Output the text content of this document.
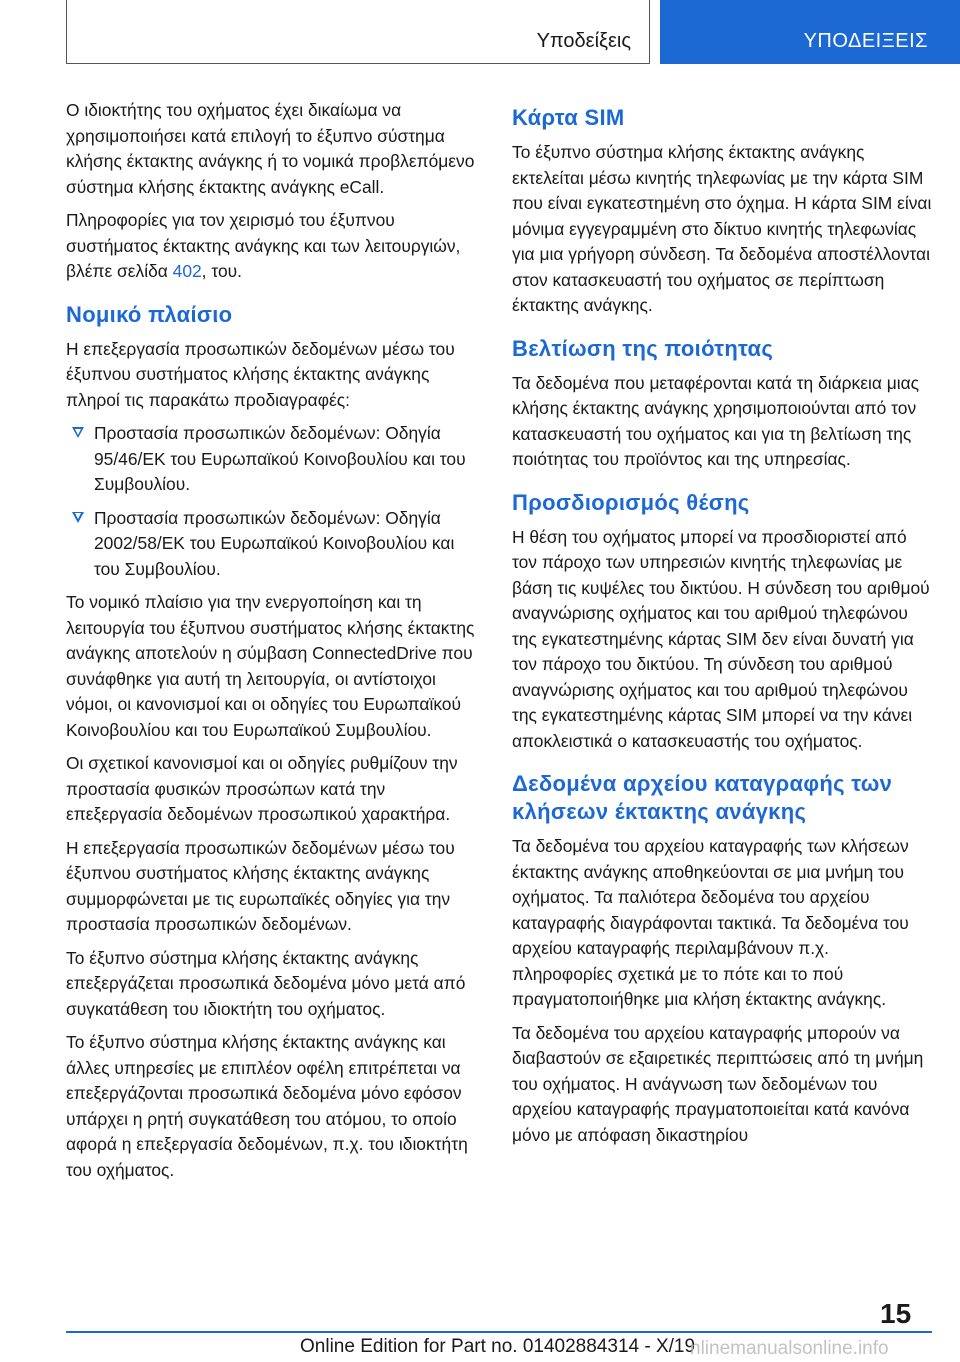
Υποδείξεις	ΥΠΟΔΕΙΞΕΙΣ

Ο ιδιοκτήτης του οχήματος έχει δικαίωμα να χρησιμοποιήσει κατά επιλογή το έξυπνο σύστημα κλήσης έκτακτης ανάγκης ή το νομικά προβλεπόμενο σύστημα κλήσης έκτακτης ανάγκης eCall.

Πληροφορίες για τον χειρισμό του έξυπνου συστήματος έκτακτης ανάγκης και των λειτουργιών, βλέπε σελίδα 402, του.

Νομικό πλαίσιο

Η επεξεργασία προσωπικών δεδομένων μέσω του έξυπνου συστήματος κλήσης έκτακτης ανάγκης πληροί τις παρακάτω προδιαγραφές:

Προστασία προσωπικών δεδομένων: Οδηγία 95/46/ΕΚ του Ευρωπαϊκού Κοινοβουλίου και του Συμβουλίου.
Προστασία προσωπικών δεδομένων: Οδηγία 2002/58/ΕΚ του Ευρωπαϊκού Κοινοβουλίου και του Συμβουλίου.

Το νομικό πλαίσιο για την ενεργοποίηση και τη λειτουργία του έξυπνου συστήματος κλήσης έκτακτης ανάγκης αποτελούν η σύμβαση ConnectedDrive που συνάφθηκε για αυτή τη λειτουργία, οι αντίστοιχοι νόμοι, οι κανονισμοί και οι οδηγίες του Ευρωπαϊκού Κοινοβουλίου και του Ευρωπαϊκού Συμβουλίου.

Οι σχετικοί κανονισμοί και οι οδηγίες ρυθμίζουν την προστασία φυσικών προσώπων κατά την επεξεργασία δεδομένων προσωπικού χαρακτήρα.

Η επεξεργασία προσωπικών δεδομένων μέσω του έξυπνου συστήματος κλήσης έκτακτης ανάγκης συμμορφώνεται με τις ευρωπαϊκές οδηγίες για την προστασία προσωπικών δεδομένων.

Το έξυπνο σύστημα κλήσης έκτακτης ανάγκης επεξεργάζεται προσωπικά δεδομένα μόνο μετά από συγκατάθεση του ιδιοκτήτη του οχήματος.

Το έξυπνο σύστημα κλήσης έκτακτης ανάγκης και άλλες υπηρεσίες με επιπλέον οφέλη επιτρέπεται να επεξεργάζονται προσωπικά δεδομένα μόνο εφόσον υπάρχει η ρητή συγκατάθεση του ατόμου, το οποίο αφορά η επεξεργασία δεδομένων, π.χ. του ιδιοκτήτη του οχήματος.

Κάρτα SIM

Το έξυπνο σύστημα κλήσης έκτακτης ανάγκης εκτελείται μέσω κινητής τηλεφωνίας με την κάρτα SIM που είναι εγκατεστημένη στο όχημα. Η κάρτα SIM είναι μόνιμα εγγεγραμμένη στο δίκτυο κινητής τηλεφωνίας για μια γρήγορη σύνδεση. Τα δεδομένα αποστέλλονται στον κατασκευαστή του οχήματος σε περίπτωση έκτακτης ανάγκης.

Βελτίωση της ποιότητας

Τα δεδομένα που μεταφέρονται κατά τη διάρκεια μιας κλήσης έκτακτης ανάγκης χρησιμοποιούνται από τον κατασκευαστή του οχήματος και για τη βελτίωση της ποιότητας του προϊόντος και της υπηρεσίας.

Προσδιορισμός θέσης

Η θέση του οχήματος μπορεί να προσδιοριστεί από τον πάροχο των υπηρεσιών κινητής τηλεφωνίας με βάση τις κυψέλες του δικτύου. Η σύνδεση του αριθμού αναγνώρισης οχήματος και του αριθμού τηλεφώνου της εγκατεστημένης κάρτας SIM δεν είναι δυνατή για τον πάροχο του δικτύου. Τη σύνδεση του αριθμού αναγνώρισης οχήματος και του αριθμού τηλεφώνου της εγκατεστημένης κάρτας SIM μπορεί να την κάνει αποκλειστικά ο κατασκευαστής του οχήματος.

Δεδομένα αρχείου καταγραφής των κλήσεων έκτακτης ανάγκης

Τα δεδομένα του αρχείου καταγραφής των κλήσεων έκτακτης ανάγκης αποθηκεύονται σε μια μνήμη του οχήματος. Τα παλιότερα δεδομένα του αρχείου καταγραφής διαγράφονται τακτικά. Τα δεδομένα του αρχείου καταγραφής περιλαμβάνουν π.χ. πληροφορίες σχετικά με το πότε και το πού πραγματοποιήθηκε μια κλήση έκτακτης ανάγκης.

Τα δεδομένα του αρχείου καταγραφής μπορούν να διαβαστούν σε εξαιρετικές περιπτώσεις από τη μνήμη του οχήματος. Η ανάγνωση των δεδομένων του αρχείου καταγραφής πραγματοποιείται κατά κανόνα μόνο με απόφαση δικαστηρίου

15
Online Edition for Part no. 01402884314 - X/19
nlinemanualsonline.info
